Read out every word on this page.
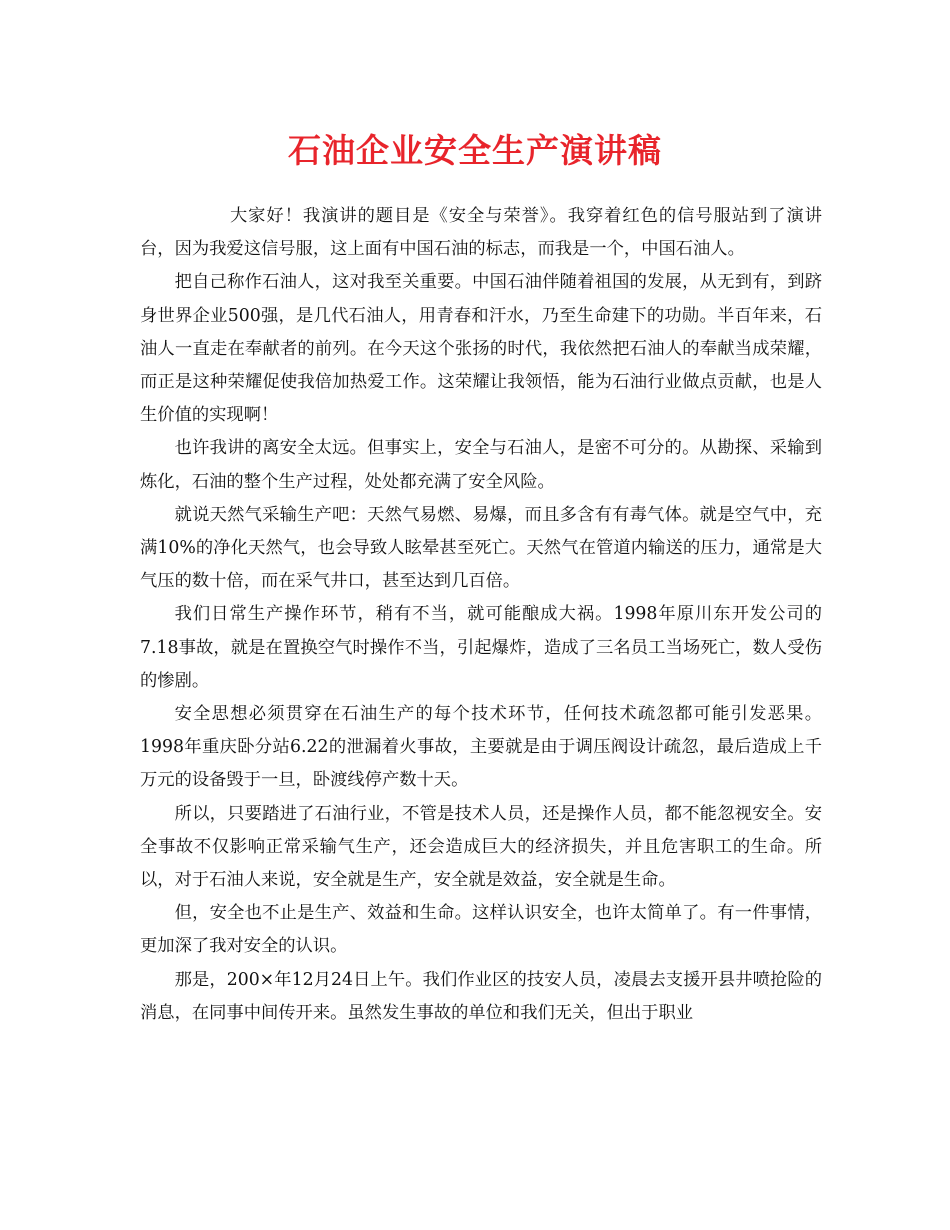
石油企业安全生产演讲稿

大家好！我演讲的题目是《安全与荣誉》。我穿着红色的信号服站到了演讲台，因为我爱这信号服，这上面有中国石油的标志，而我是一个，中国石油人。

把自己称作石油人，这对我至关重要。中国石油伴随着祖国的发展，从无到有，到跻身世界企业500强，是几代石油人，用青春和汗水，乃至生命建下的功勋。半百年来，石油人一直走在奉献者的前列。在今天这个张扬的时代，我依然把石油人的奉献当成荣耀，而正是这种荣耀促使我倍加热爱工作。这荣耀让我领悟，能为石油行业做点贡献，也是人生价值的实现啊！

也许我讲的离安全太远。但事实上，安全与石油人，是密不可分的。从勘探、采输到炼化，石油的整个生产过程，处处都充满了安全风险。

就说天然气采输生产吧：天然气易燃、易爆，而且多含有有毒气体。就是空气中，充满10%的净化天然气，也会导致人眩晕甚至死亡。天然气在管道内输送的压力，通常是大气压的数十倍，而在采气井口，甚至达到几百倍。

我们日常生产操作环节，稍有不当，就可能酿成大祸。1998年原川东开发公司的7.18事故，就是在置换空气时操作不当，引起爆炸，造成了三名员工当场死亡，数人受伤的惨剧。

安全思想必须贯穿在石油生产的每个技术环节，任何技术疏忽都可能引发恶果。1998年重庆卧分站6.22的泄漏着火事故，主要就是由于调压阀设计疏忽，最后造成上千万元的设备毁于一旦，卧渡线停产数十天。

所以，只要踏进了石油行业，不管是技术人员，还是操作人员，都不能忽视安全。安全事故不仅影响正常采输气生产，还会造成巨大的经济损失，并且危害职工的生命。所以，对于石油人来说，安全就是生产，安全就是效益，安全就是生命。

但，安全也不止是生产、效益和生命。这样认识安全，也许太简单了。有一件事情，更加深了我对安全的认识。

那是，200×年12月24日上午。我们作业区的技安人员，凌晨去支援开县井喷抢险的消息，在同事中间传开来。虽然发生事故的单位和我们无关，但出于职业
